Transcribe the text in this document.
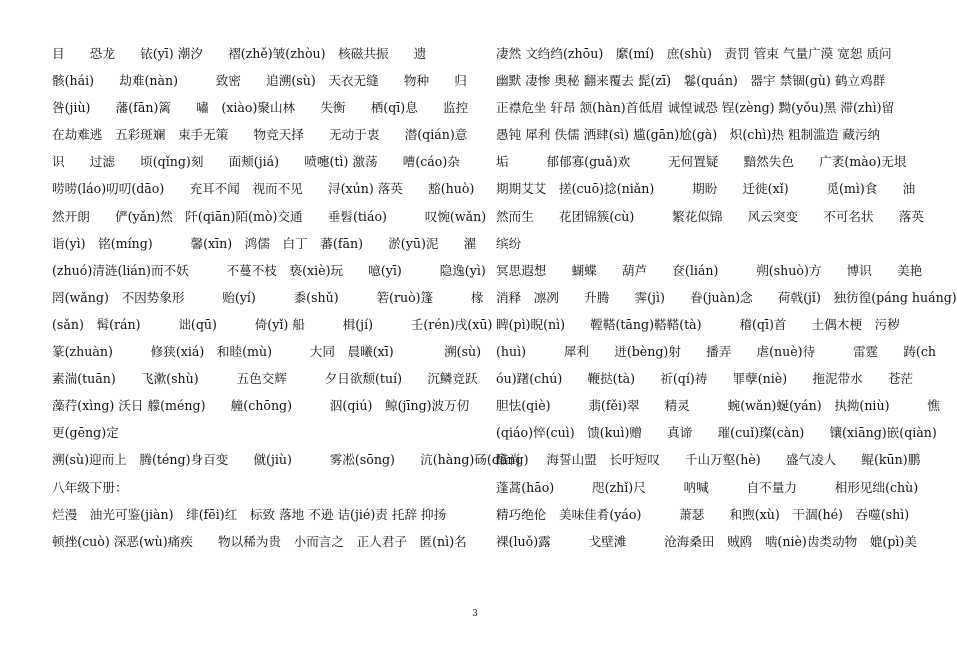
目　　恐龙　　铱(yī) 潮汐　　褶(zhě)皱(zhòu)　核磁共振　　遗
骸(hái)　　劫难(nàn)　　　致密　　追溯(sù)　天衣无缝　　物种　　归
咎(jiù)　　藩(fān)篱　　嘯　(xiào)聚山林　　失衡　　栖(qī)息　　监控
在劫难逃　五彩斑斓　束手无策　　物竞天择　　无动于衷　　潜(qián)意
识　　过滤　　顷(qǐng)刻　　面颊(jiá)　　喷嚏(tì) 激荡　　嘈(cáo)杂
唠唠(láo)叨叨(dāo)　　充耳不闻　视而不见　　浔(xún) 落英　　豁(huò)
然开朗　　俨(yǎn)然　阡(qiān)陌(mò)交通　　垂髫(tiáo)　　　叹惋(wǎn)
诣(yì)　铭(míng)　　　馨(xīn)　鸿儒　白丁　蕃(fān)　　淤(yū)泥　　濯
(zhuó)清涟(lián)而不妖　　　不蔓不枝　亵(xiè)玩　　噫(yī)　　　隐逸(yì)
罔(wǎng)　不因势象形　　　贻(yí)　　　黍(shǔ)　　　箬(ruò)篷　　　椽
(sǎn)　髯(rán)　　　诎(qū)　　　倚(yǐ) 船　　　楫(jí)　　　壬(rén)戌(xū)
篆(zhuàn)　　　修狭(xiá)　和睦(mù)　　　大同　晨曦(xī)　　　　溯(sù)
素湍(tuān)　　飞漱(shù)　　　五色交辉　　　夕日欲颓(tuí)　　沉鳞竞跃
藻荇(xìng) 沃日 艨(méng)　　艟(chōng)　　　泅(qiú)　鲸(jīng)波万仞
更(gēng)定
溯(sù)迎而上　腾(téng)身百变　　僦(jiù)　　　雾凇(sōng)　　沆(hàng)砀(dàng)
八年级下册：
烂漫　油光可鉴(jiàn)　绯(fēi)红　标致 落地 不逊 诘(jié)责 托辞 抑扬
顿挫(cuò) 深恶(wù)痛疾　　物以稀为贵　小而言之　正人君子　匿(nì)名
凄然 文绉绉(zhōu)　縻(mí)　庶(shù)　责罚 管束 气量广漠 宽恕 质问
幽默 凄惨 奥秘 翻来覆去 髭(zī)　鬈(quán)　器宇 禁锢(gù) 鹤立鸡群
正襟危坐 轩昂 颔(hàn)首低眉 诚惶诚恐 锃(zèng) 黝(yǒu)黑 滞(zhì)留
愚钝 犀利 佚儒 洒肆(sì) 尴(gān)尬(gà)　炽(chì)热 粗制滥造 藏污纳
垢　　　郁郁寡(guǎ)欢　　　无何置疑　　黯然失色　　广袤(mào)无垠
期期艾艾　搓(cuō)捻(niǎn)　　　期盼　　迁徙(xǐ)　　　觅(mì)食　　油
然而生　　花团锦簇(cù)　　　繁花似锦　　风云突变　　不可名状　　落英
缤纷
冥思遐想　　蝴蝶　　葫芦　　奁(lián)　　　朔(shuò)方　　博识　　美艳
消释　凛冽　　升腾　　霁(jì)　　眷(juàn)念　　荷戟(jǐ)　独彷徨(páng huáng)
睥(pì)睨(nì)　　鞺鞳(tāng)鞳鞳(tà)　　　稽(qī)首　　土偶木梗　污秽
(huì)　　　犀利　　迸(bèng)射　　播弄　　虐(nuè)待　　　雷霆　　踌(ch
óu)躇(chú)　　鞭挞(tà)　　祈(qí)祷　　罪孽(niè)　　拖泥带水　　苍茫
胆怯(qiè)　　　翡(fěi)翠　　精灵　　　蜿(wǎn)蜒(yán)　执拗(niù)　　　憔
(qiáo)悴(cuì)　馈(kuì)赠　　真谛　　璀(cuǐ)璨(càn)　　镶(xiāng)嵌(qiàn)
酷肖　　海誓山盟　长吁短叹　　千山万壑(hè)　　盛气凌人　　鲲(kūn)鹏
蓬蒿(hāo)　　　咫(zhǐ)尺　　　呐喊　　　自不量力　　　相形见绌(chù)
精巧绝伦　美味佳肴(yáo)　　　萧瑟　　和煦(xù)　干涸(hé)　吞噬(shì)
裸(luǒ)露　　　戈壁滩　　　沧海桑田　贼鸥　啮(niè)齿类动物　媲(pì)美
3
